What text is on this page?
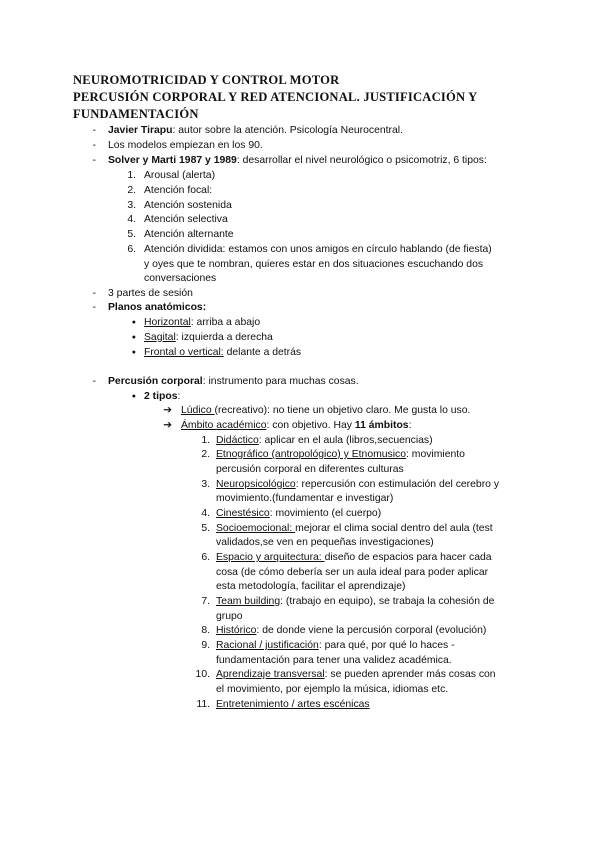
NEUROMOTRICIDAD Y CONTROL MOTOR
PERCUSIÓN CORPORAL Y RED ATENCIONAL. JUSTIFICACIÓN Y
FUNDAMENTACIÓN
- Javier Tirapu: autor sobre la atención. Psicología Neurocentral.
- Los modelos empiezan en los 90.
- Solver y Marti 1987 y 1989: desarrollar el nivel neurológico o psicomotriz, 6 tipos:
1. Arousal (alerta)
2. Atención focal:
3. Atención sostenida
4. Atención selectiva
5. Atención alternante
6. Atención dividida: estamos con unos amigos en círculo hablando (de fiesta)
y oyes que te nombran, quieres estar en dos situaciones escuchando dos
conversaciones
- 3 partes de sesión
- Planos anatómicos:
● Horizontal: arriba a abajo
● Sagital: izquierda a derecha
● Frontal o vertical: delante a detrás
- Percusión corporal: instrumento para muchas cosas.
● 2 tipos:
➔ Lúdico (recreativo): no tiene un objetivo claro. Me gusta lo uso.
➔ Ámbito académico: con objetivo. Hay 11 ámbitos:
1. Didáctico: aplicar en el aula (libros,secuencias)
2. Etnográfico (antropológico) y Etnomusico: movimiento
percusión corporal en diferentes culturas
3. Neuropsicológico: repercusión con estimulación del cerebro y
movimiento.(fundamentar e investigar)
4. Cinestésico: movimiento (el cuerpo)
5. Socioemocional: mejorar el clima social dentro del aula (test
validados,se ven en pequeñas investigaciones)
6. Espacio y arquitectura: diseño de espacios para hacer cada
cosa (de cómo debería ser un aula ideal para poder aplicar
esta metodología, facilitar el aprendizaje)
7. Team building: (trabajo en equipo), se trabaja la cohesión de
grupo
8. Histórico: de donde viene la percusión corporal (evolución)
9. Racional / justificación: para qué, por qué lo haces -
fundamentación para tener una validez académica.
10. Aprendizaje transversal: se pueden aprender más cosas con
el movimiento, por ejemplo la música, idiomas etc.
11. Entretenimiento / artes escénicas
